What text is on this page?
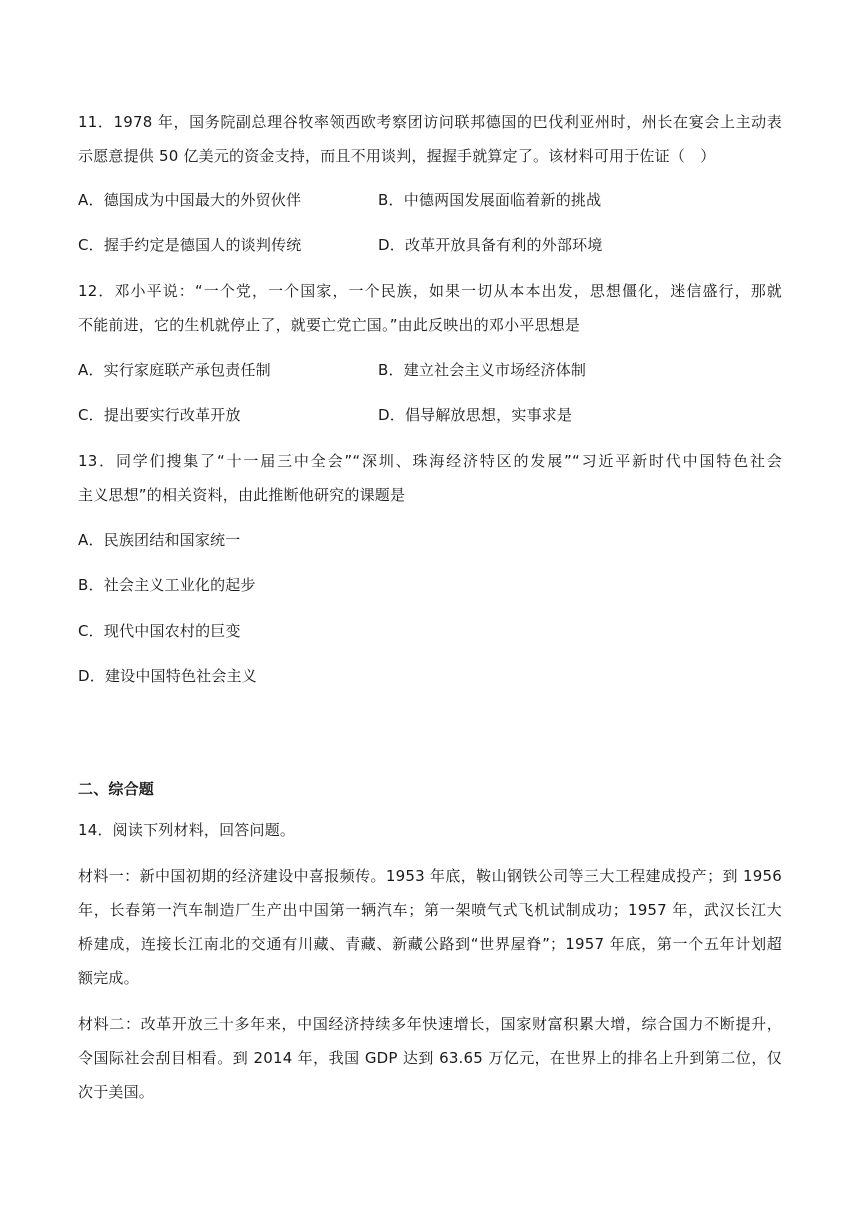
11．1978 年，国务院副总理谷牧率领西欧考察团访问联邦德国的巴伐利亚州时，州长在宴会上主动表
示愿意提供 50 亿美元的资金支持，而且不用谈判，握握手就算定了。该材料可用于佐证（　）
A．德国成为中国最大的外贸伙伴	B．中德两国发展面临着新的挑战
C．握手约定是德国人的谈判传统	D．改革开放具备有利的外部环境
12．邓小平说：“一个党，一个国家，一个民族，如果一切从本本出发，思想僵化，迷信盛行，那就
不能前进，它的生机就停止了，就要亡党亡国。”由此反映出的邓小平思想是
A．实行家庭联产承包责任制	B．建立社会主义市场经济体制
C．提出要实行改革开放	D．倡导解放思想，实事求是
13．同学们搜集了“十一届三中全会”“深圳、珠海经济特区的发展”“习近平新时代中国特色社会
主义思想”的相关资料，由此推断他研究的课题是
A．民族团结和国家统一
B．社会主义工业化的起步
C．现代中国农村的巨变
D．建设中国特色社会主义
二、综合题
14．阅读下列材料，回答问题。
材料一：新中国初期的经济建设中喜报频传。1953 年底，鞍山钢铁公司等三大工程建成投产；到 1956
年，长春第一汽车制造厂生产出中国第一辆汽车；第一架喷气式飞机试制成功；1957 年，武汉长江大
桥建成，连接长江南北的交通有川藏、青藏、新藏公路到“世界屋脊”；1957 年底，第一个五年计划超
额完成。
材料二：改革开放三十多年来，中国经济持续多年快速增长，国家财富积累大增，综合国力不断提升，
令国际社会刮目相看。到 2014 年，我国 GDP 达到 63.65 万亿元，在世界上的排名上升到第二位，仅
次于美国。
